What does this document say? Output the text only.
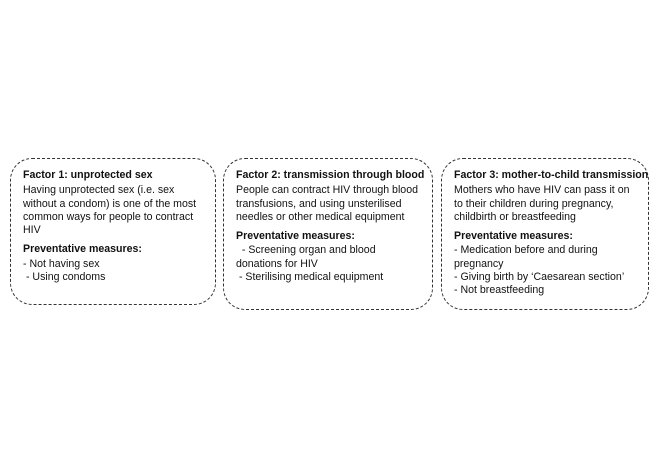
Factor 1: unprotected sex
Having unprotected sex (i.e. sex without a condom) is one of the most common ways for people to contract HIV
Preventative measures:
- Not having sex
- Using condoms
Factor 2: transmission through blood
People can contract HIV through blood transfusions, and using unsterilised needles or other medical equipment
Preventative measures:
- Screening organ and blood donations for HIV
- Sterilising medical equipment
Factor 3: mother-to-child transmission
Mothers who have HIV can pass it on to their children during pregnancy, childbirth or breastfeeding
Preventative measures:
- Medication before and during pregnancy
- Giving birth by ‘Caesarean section’
- Not breastfeeding
